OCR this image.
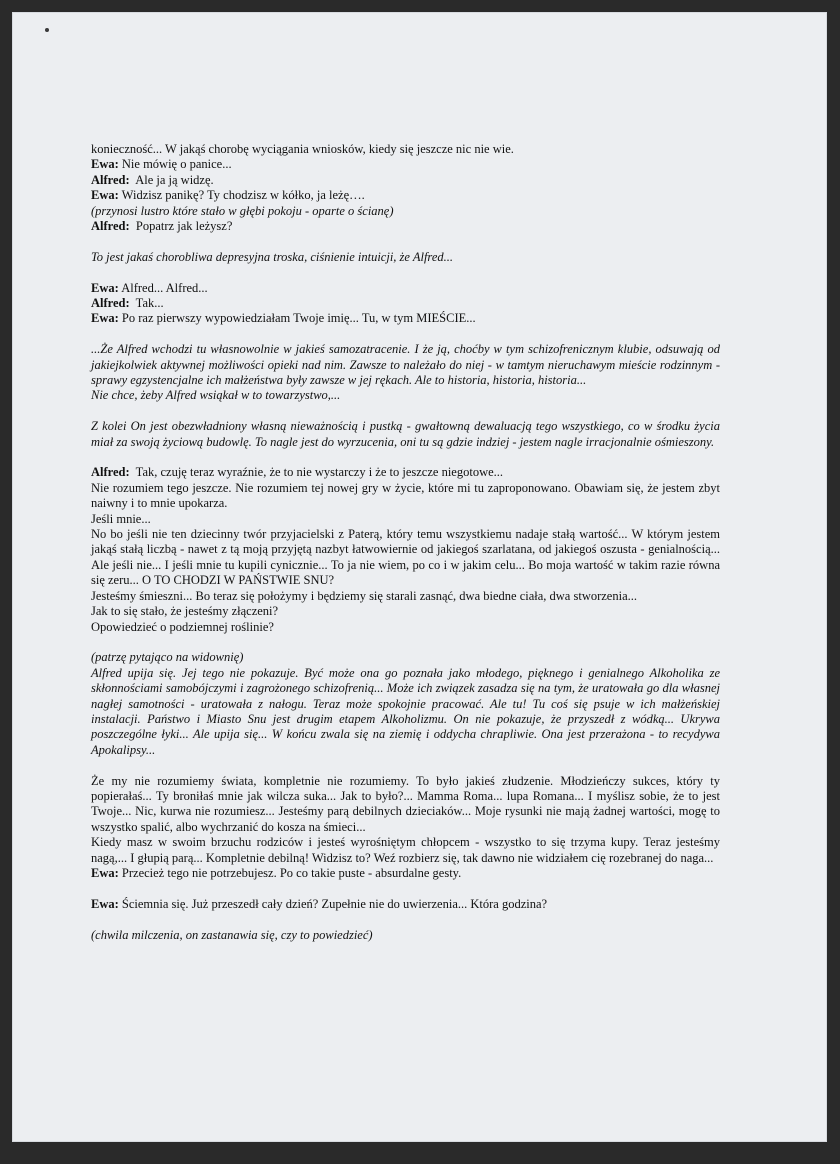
konieczność... W jakąś chorobę wyciągania wniosków, kiedy się jeszcze nic nie wie.

Ewa: Nie mówię o panice...

Alfred:  Ale ja ją widzę.

Ewa: Widzisz panikę? Ty chodzisz w kółko, ja leżę….

(przynosi lustro które stało w głębi pokoju - oparte o ścianę)

Alfred:  Popatrz jak leżysz?

To jest jakaś chorobliwa depresyjna troska, ciśnienie intuicji, że Alfred...

Ewa: Alfred... Alfred...

Alfred:  Tak...

Ewa: Po raz pierwszy wypowiedziałam Twoje imię... Tu, w tym MIEŚCIE...

...Że Alfred wchodzi tu własnowolnie w jakieś samozatracenie. I że ją, choćby w tym schizofrenicznym klubie, odsuwają od jakiejkolwiek aktywnej możliwości opieki nad nim. Zawsze to należało do niej - w tamtym nieruchawym mieście rodzinnym - sprawy egzystencjalne ich małżeństwa były zawsze w jej rękach. Ale to historia, historia, historia...

Nie chce, żeby Alfred wsiąkał w to towarzystwo,...

Z kolei On jest obezwładniony własną nieważnością i pustką - gwałtowną dewaluacją tego wszystkiego, co w środku życia miał za swoją życiową budowlę. To nagle jest do wyrzucenia, oni tu są gdzie indziej - jestem nagle irracjonalnie ośmieszony.

Alfred:  Tak, czuję teraz wyraźnie, że to nie wystarczy i że to jeszcze niegotowe...

Nie rozumiem tego jeszcze. Nie rozumiem tej nowej gry w życie, które mi tu zaproponowano. Obawiam się, że jestem zbyt naiwny i to mnie upokarza.

Jeśli mnie...

No bo jeśli nie ten dziecinny twór przyjacielski z Paterą, który temu wszystkiemu nadaje stałą wartość... W którym jestem jakąś stałą liczbą - nawet z tą moją przyjętą nazbyt łatwowiernie od jakiegoś szarlatana, od jakiegoś oszusta - genialnością... Ale jeśli nie... I jeśli mnie tu kupili cynicznie... To ja nie wiem, po co i w jakim celu... Bo moja wartość w takim razie równa się zeru... O TO CHODZI W PAŃSTWIE SNU?

Jesteśmy śmieszni... Bo teraz się położymy i będziemy się starali zasnąć, dwa biedne ciała, dwa stworzenia...

Jak to się stało, że jesteśmy złączeni?

Opowiedzieć o podziemnej roślinie?

(patrzę pytająco na widownię)

Alfred upija się. Jej tego nie pokazuje. Być może ona go poznała jako młodego, pięknego i genialnego Alkoholika ze skłonnościami samobójczymi i zagrożonego schizofrenią... Może ich związek zasadza się na tym, że uratowała go dla własnej nagłej samotności - uratowała z nałogu. Teraz może spokojnie pracować. Ale tu! Tu coś się psuje w ich małżeńskiej instalacji. Państwo i Miasto Snu jest drugim etapem Alkoholizmu. On nie pokazuje, że przyszedł z wódką... Ukrywa poszczególne łyki... Ale upija się... W końcu zwala się na ziemię i oddycha chrapliwie. Ona jest przerażona - to recydywa Apokalipsy...

Że my nie rozumiemy świata, kompletnie nie rozumiemy. To było jakieś złudzenie. Młodzieńczy sukces, który ty popierałaś... Ty broniłaś mnie jak wilcza suka... Jak to było?... Mamma Roma... lupa Romana... I myślisz sobie, że to jest Twoje... Nic, kurwa nie rozumiesz... Jesteśmy parą debilnych dzieciaków... Moje rysunki nie mają żadnej wartości, mogę to wszystko spalić, albo wychrzanić do kosza na śmieci...

Kiedy masz w swoim brzuchu rodziców i jesteś wyrośniętym chłopcem - wszystko to się trzyma kupy. Teraz jesteśmy nagą,... I głupią parą... Kompletnie debilną! Widzisz to? Weź rozbierz się, tak dawno nie widziałem cię rozebranej do naga...

Ewa: Przecież tego nie potrzebujesz. Po co takie puste - absurdalne gesty.

Ewa: Ściemnia się. Już przeszedł cały dzień? Zupełnie nie do uwierzenia... Która godzina?

(chwila milczenia, on zastanawia się, czy to powiedzieć)
